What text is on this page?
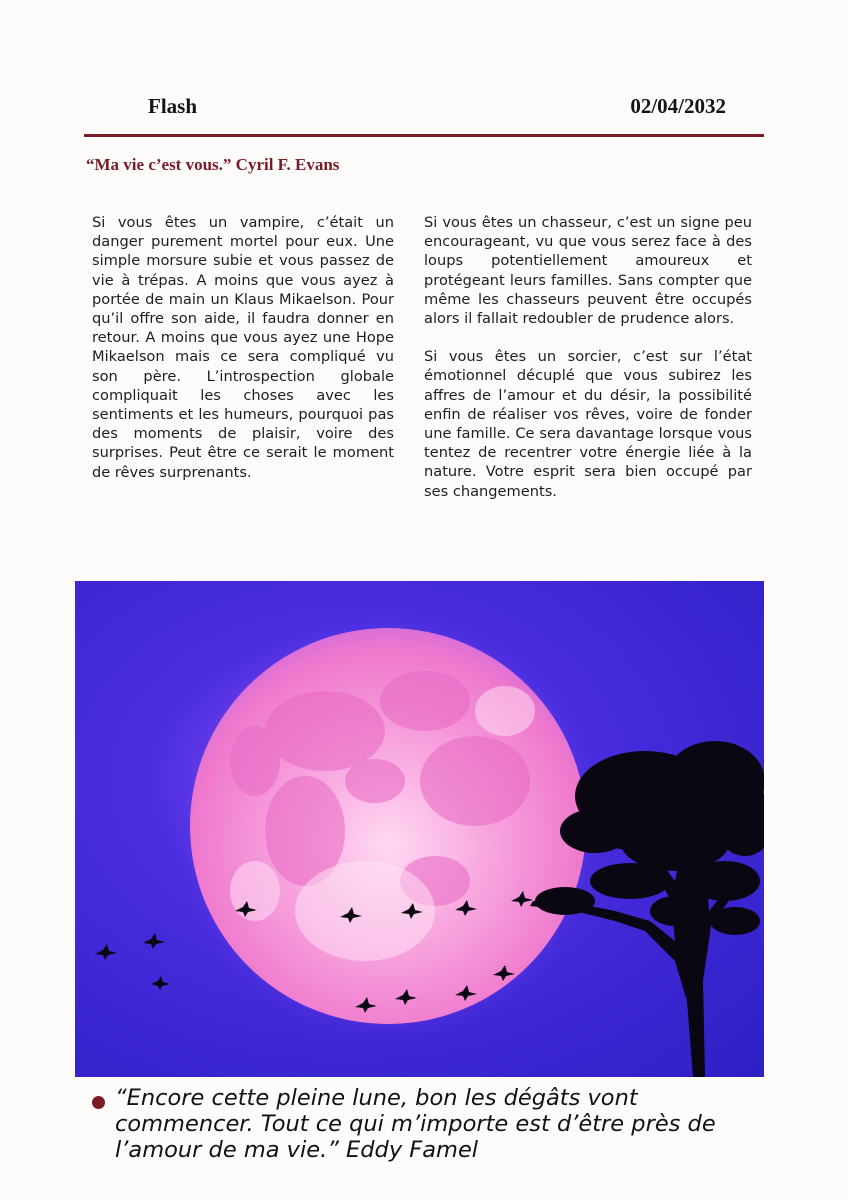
Flash	02/04/2032
“Ma vie c’est vous.” Cyril F. Evans

Si vous êtes un vampire, c’était un danger purement mortel pour eux. Une simple morsure subie et vous passez de vie à trépas. A moins que vous ayez à portée de main un Klaus Mikaelson. Pour qu’il offre son aide, il faudra donner en retour. A moins que vous ayez une Hope Mikaelson mais ce sera compliqué vu son père. L’introspection globale compliquait les choses avec les sentiments et les humeurs, pourquoi pas des moments de plaisir, voire des surprises. Peut être ce serait le moment de rêves surprenants.

Si vous êtes un chasseur, c’est un signe peu encourageant, vu que vous serez face à des loups potentiellement amoureux et protégeant leurs familles. Sans compter que même les chasseurs peuvent être occupés alors il fallait redoubler de prudence alors.

Si vous êtes un sorcier, c’est sur l’état émotionnel décuplé que vous subirez les affres de l’amour et du désir, la possibilité enfin de réaliser vos rêves, voire de fonder une famille. Ce sera davantage lorsque vous tentez de recentrer votre énergie liée à la nature. Votre esprit sera bien occupé par ses changements.

“Encore cette pleine lune, bon les dégâts vont commencer. Tout ce qui m’importe est d’être près de l’amour de ma vie.” Eddy Famel
